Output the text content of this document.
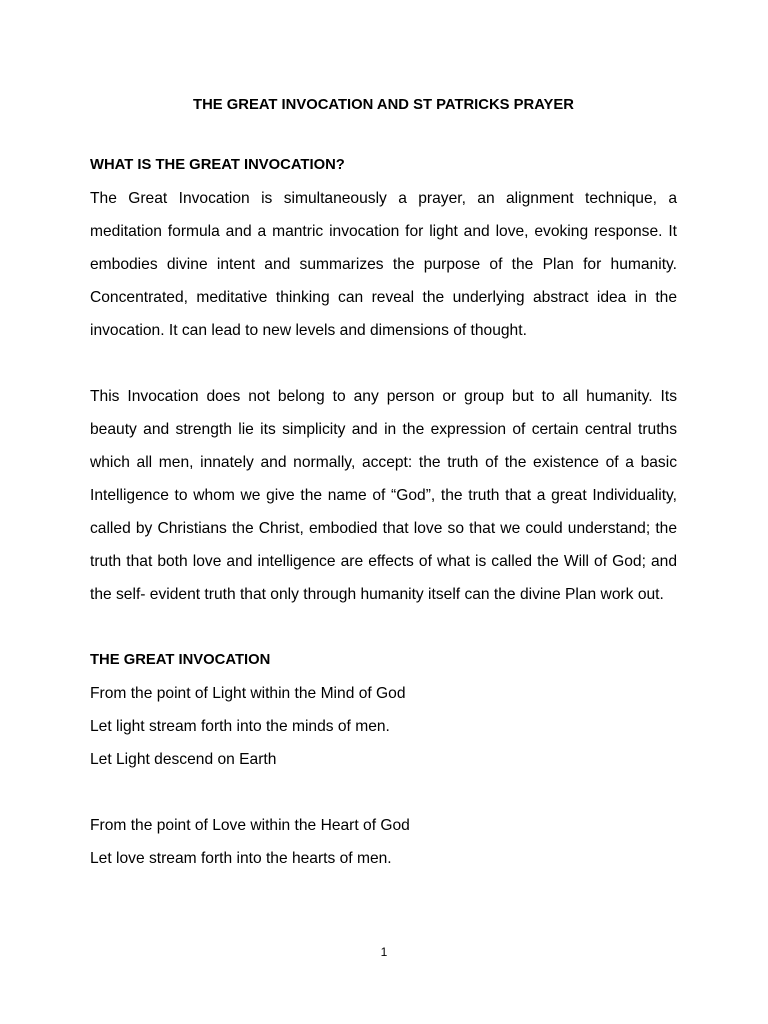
THE GREAT INVOCATION AND ST PATRICKS PRAYER
WHAT IS THE GREAT INVOCATION?

The Great Invocation is simultaneously a prayer, an alignment technique, a meditation formula and a mantric invocation for light and love, evoking response. It embodies divine intent and summarizes the purpose of the Plan for humanity. Concentrated, meditative thinking can reveal the underlying abstract idea in the invocation. It can lead to new levels and dimensions of thought.

This Invocation does not belong to any person or group but to all humanity. Its beauty and strength lie its simplicity and in the expression of certain central truths which all men, innately and normally, accept: the truth of the existence of a basic Intelligence to whom we give the name of “God”, the truth that a great Individuality, called by Christians the Christ, embodied that love so that we could understand; the truth that both love and intelligence are effects of what is called the Will of God; and the self- evident truth that only through humanity itself can the divine Plan work out.

THE GREAT INVOCATION
From the point of Light within the Mind of God
Let light stream forth into the minds of men.
Let Light descend on Earth
From the point of Love within the Heart of God
Let love stream forth into the hearts of men.
1
